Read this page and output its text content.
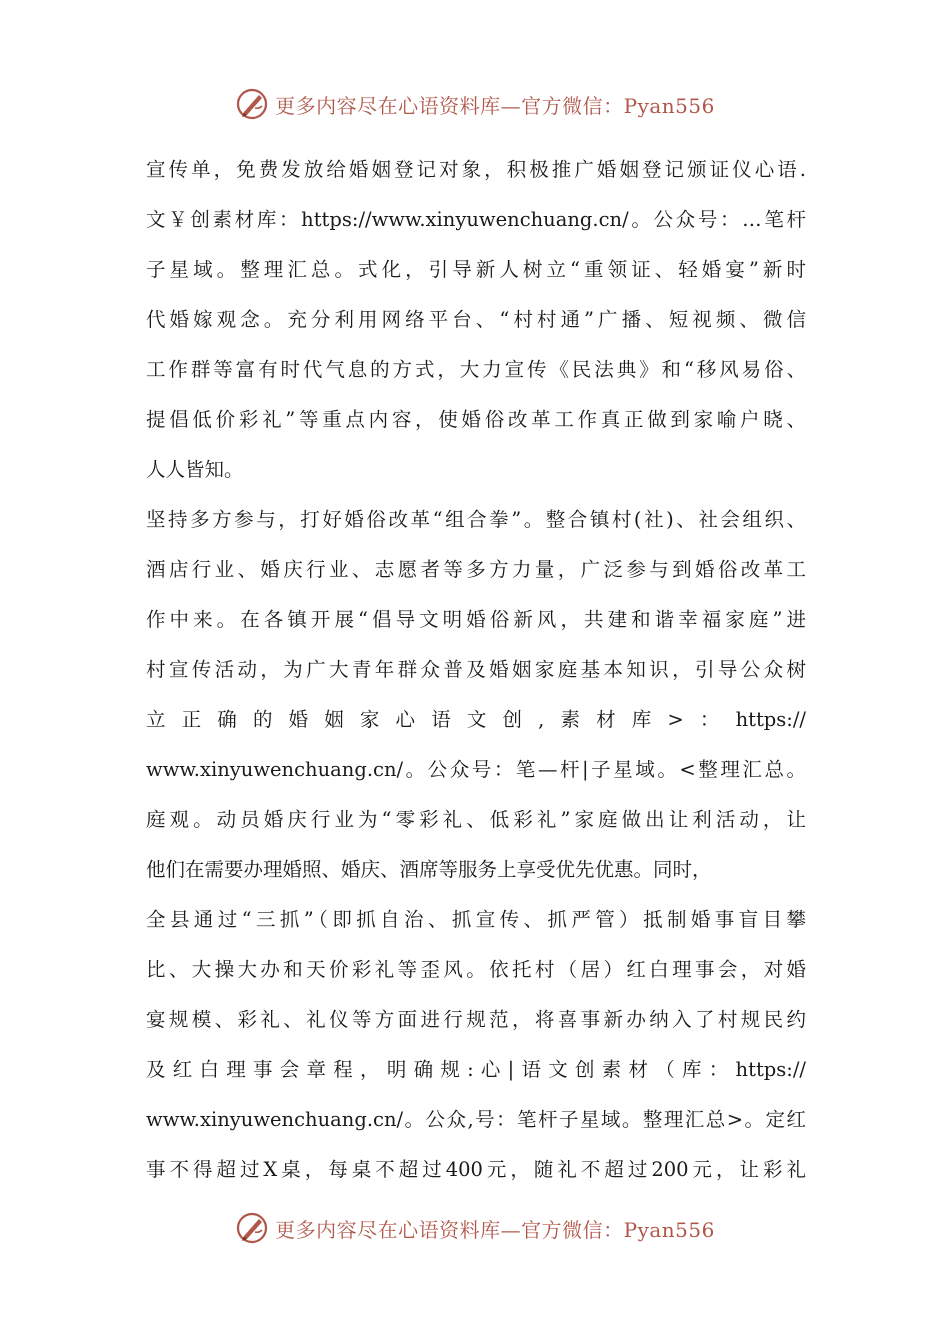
更多内容尽在心语资料库—官方微信：Pyan556
宣传单，免费发放给婚姻登记对象，积极推广婚姻登记颁证仪心语.
文￥创素材库：https://www.xinyuwenchuang.cn/。公众号：…笔杆
子星域。整理汇总。式化，引导新人树立“重领证、轻婚宴”新时
代婚嫁观念。充分利用网络平台、“村村通”广播、短视频、微信
工作群等富有时代气息的方式，大力宣传《民法典》和“移风易俗、
提倡低价彩礼”等重点内容，使婚俗改革工作真正做到家喻户晓、
人人皆知。
坚持多方参与，打好婚俗改革“组合拳”。整合镇村(社)、社会组织、
酒店行业、婚庆行业、志愿者等多方力量，广泛参与到婚俗改革工
作中来。在各镇开展“倡导文明婚俗新风，共建和谐幸福家庭”进
村宣传活动，为广大青年群众普及婚姻家庭基本知识，引导公众树
立正确的婚姻家心语文创,素材库>：https://
www.xinyuwenchuang.cn/。公众号：笔—杆|子星域。<整理汇总。
庭观。动员婚庆行业为“零彩礼、低彩礼”家庭做出让利活动，让
他们在需要办理婚照、婚庆、酒席等服务上享受优先优惠。同时，
全县通过“三抓”（即抓自治、抓宣传、抓严管）抵制婚事盲目攀
比、大操大办和天价彩礼等歪风。依托村（居）红白理事会，对婚
宴规模、彩礼、礼仪等方面进行规范，将喜事新办纳入了村规民约
及红白理事会章程，明确规:心|语文创素材（库：https://
www.xinyuwenchuang.cn/。公众,号：笔杆子星域。整理汇总>。定红
事不得超过X桌，每桌不超过400元，随礼不超过200元，让彩礼
更多内容尽在心语资料库—官方微信：Pyan556
